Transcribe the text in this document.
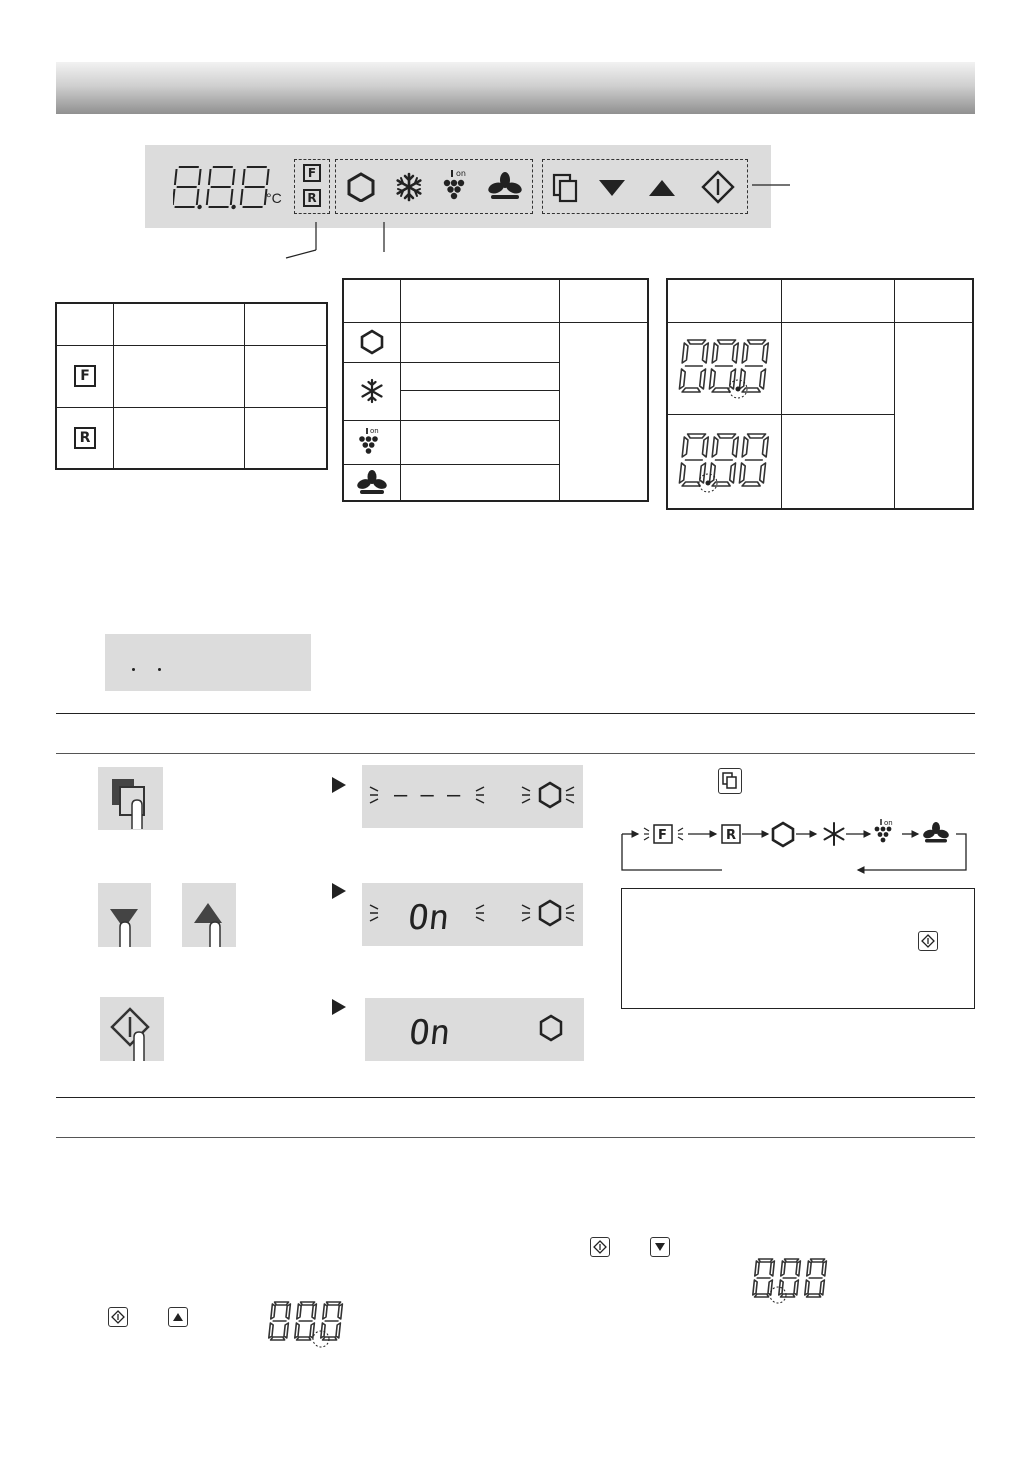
°C
F
R
on

F		
R			on
– – –
On
On
F	R
on
